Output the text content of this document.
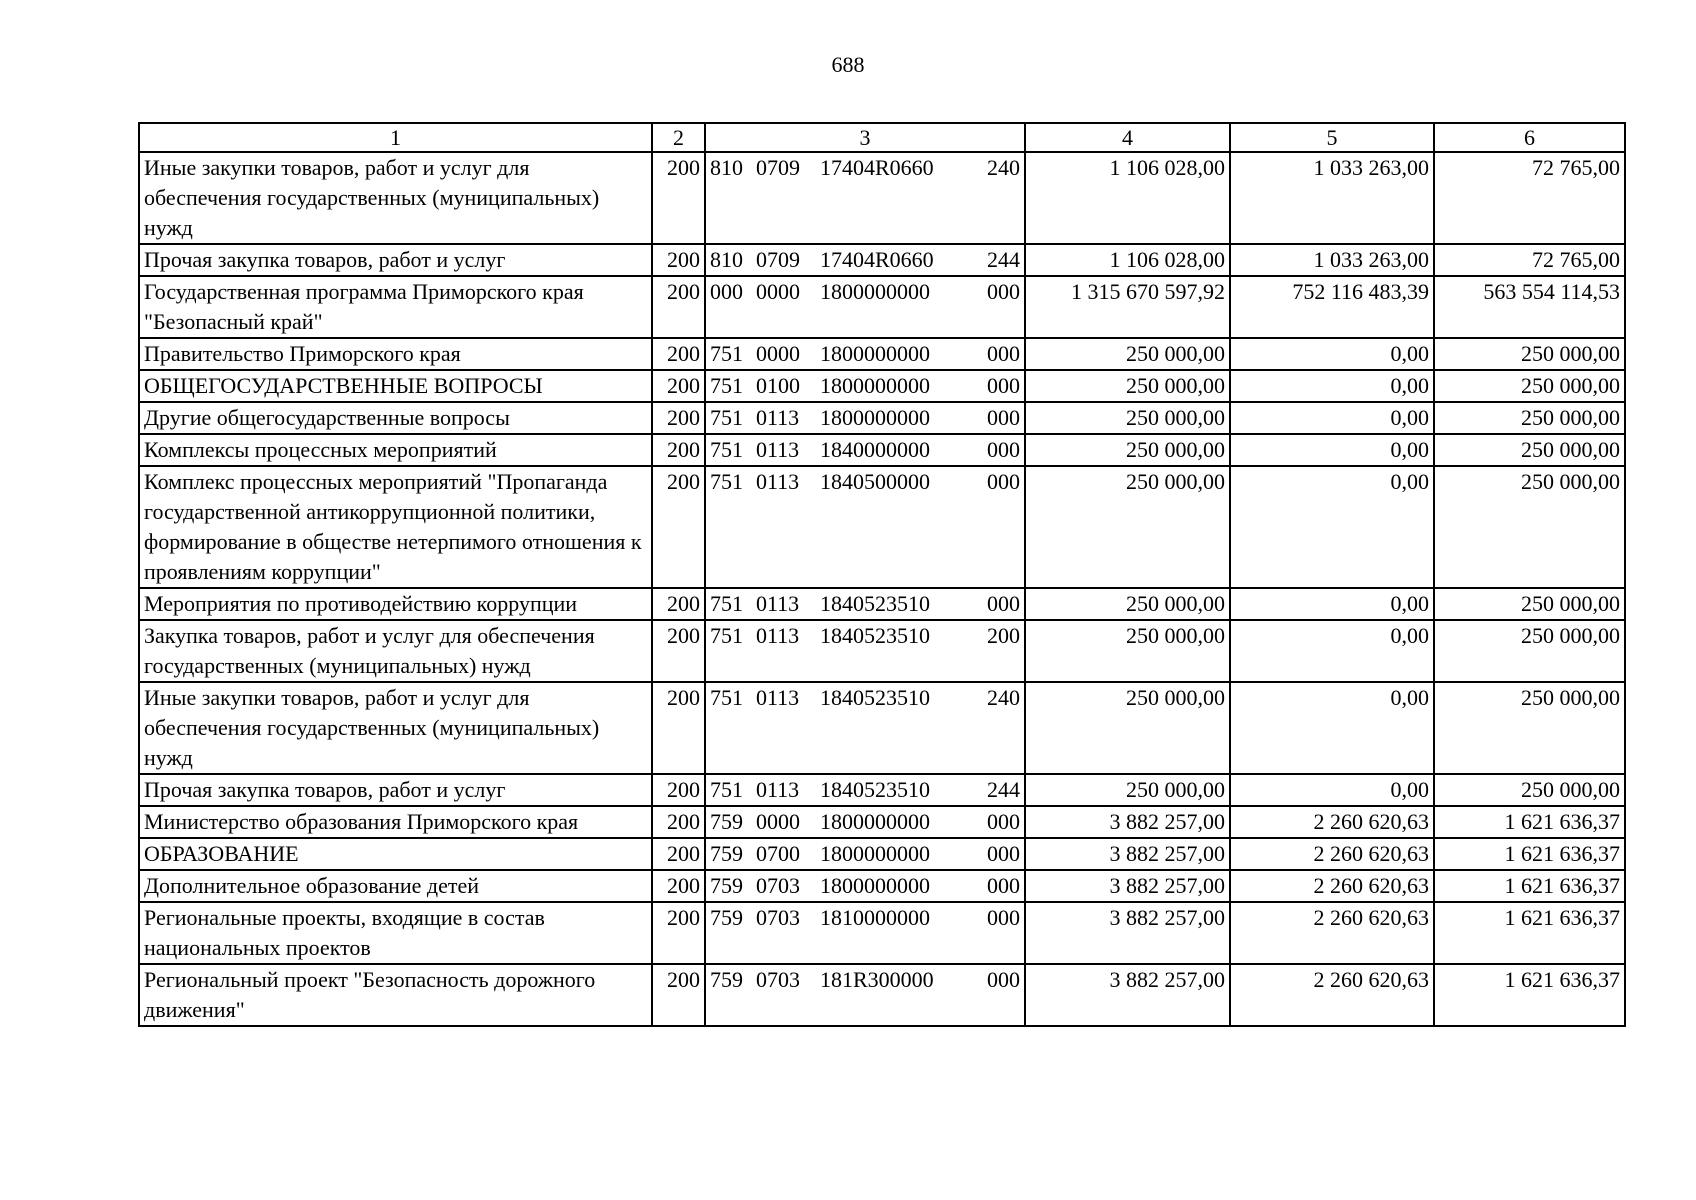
688
1	2	3	4	5	6
Иные закупки товаров, работ и услуг для обеспечения государственных (муниципальных) нужд	200	810 0709 17404R0660 240	1 106 028,00	1 033 263,00	72 765,00
Прочая закупка товаров, работ и услуг	200	810 0709 17404R0660 244	1 106 028,00	1 033 263,00	72 765,00
Государственная программа Приморского края "Безопасный край"	200	000 0000 1800000000 000	1 315 670 597,92	752 116 483,39	563 554 114,53
Правительство Приморского края	200	751 0000 1800000000 000	250 000,00	0,00	250 000,00
ОБЩЕГОСУДАРСТВЕННЫЕ ВОПРОСЫ	200	751 0100 1800000000 000	250 000,00	0,00	250 000,00
Другие общегосударственные вопросы	200	751 0113 1800000000 000	250 000,00	0,00	250 000,00
Комплексы процессных мероприятий	200	751 0113 1840000000 000	250 000,00	0,00	250 000,00
Комплекс процессных мероприятий "Пропаганда государственной антикоррупционной политики, формирование в обществе нетерпимого отношения к проявлениям коррупции"	200	751 0113 1840500000 000	250 000,00	0,00	250 000,00
Мероприятия по противодействию коррупции	200	751 0113 1840523510 000	250 000,00	0,00	250 000,00
Закупка товаров, работ и услуг для обеспечения государственных (муниципальных) нужд	200	751 0113 1840523510 200	250 000,00	0,00	250 000,00
Иные закупки товаров, работ и услуг для обеспечения государственных (муниципальных) нужд	200	751 0113 1840523510 240	250 000,00	0,00	250 000,00
Прочая закупка товаров, работ и услуг	200	751 0113 1840523510 244	250 000,00	0,00	250 000,00
Министерство образования Приморского края	200	759 0000 1800000000 000	3 882 257,00	2 260 620,63	1 621 636,37
ОБРАЗОВАНИЕ	200	759 0700 1800000000 000	3 882 257,00	2 260 620,63	1 621 636,37
Дополнительное образование детей	200	759 0703 1800000000 000	3 882 257,00	2 260 620,63	1 621 636,37
Региональные проекты, входящие в состав национальных проектов	200	759 0703 1810000000 000	3 882 257,00	2 260 620,63	1 621 636,37
Региональный проект "Безопасность дорожного движения"	200	759 0703 181R300000 000	3 882 257,00	2 260 620,63	1 621 636,37
